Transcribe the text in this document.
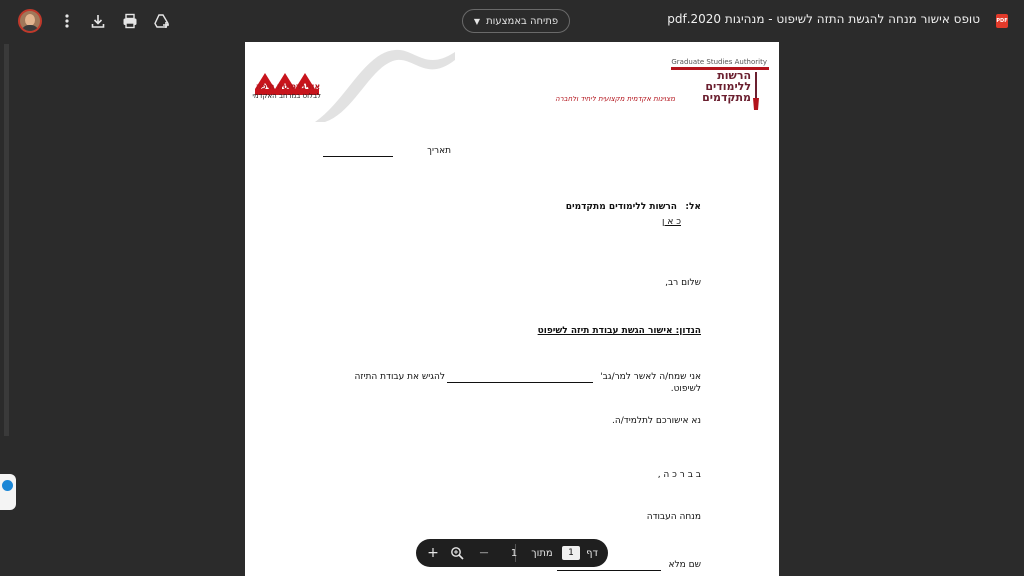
פתיחה באמצעות
▼	טופס אישור מנחה להגשת התזה לשיפוט - מנהיגות 2020.pdf	PDF
אוניברסיטת חיפה
לבלוט במרחב האקדמי
Graduate Studies Authority
הרשות
ללימודים
מתקדמים
מצוינות אקדמית מקצועית ליחיד ולחברה
תאריך
אל:
הרשות ללימודים מתקדמים
כ א ן
שלום רב,
הנדון: אישור הגשת עבודת תיזה לשיפוט
אני שמח/ה לאשר למר/גב'
להגיש את עבודת התיזה
לשיפוט.
נא אישורכם לתלמיד/ה.
ב ב ר כ ה ,
מנחה העבודה
שם מלא
+	—	1	מתוך	1	דף
